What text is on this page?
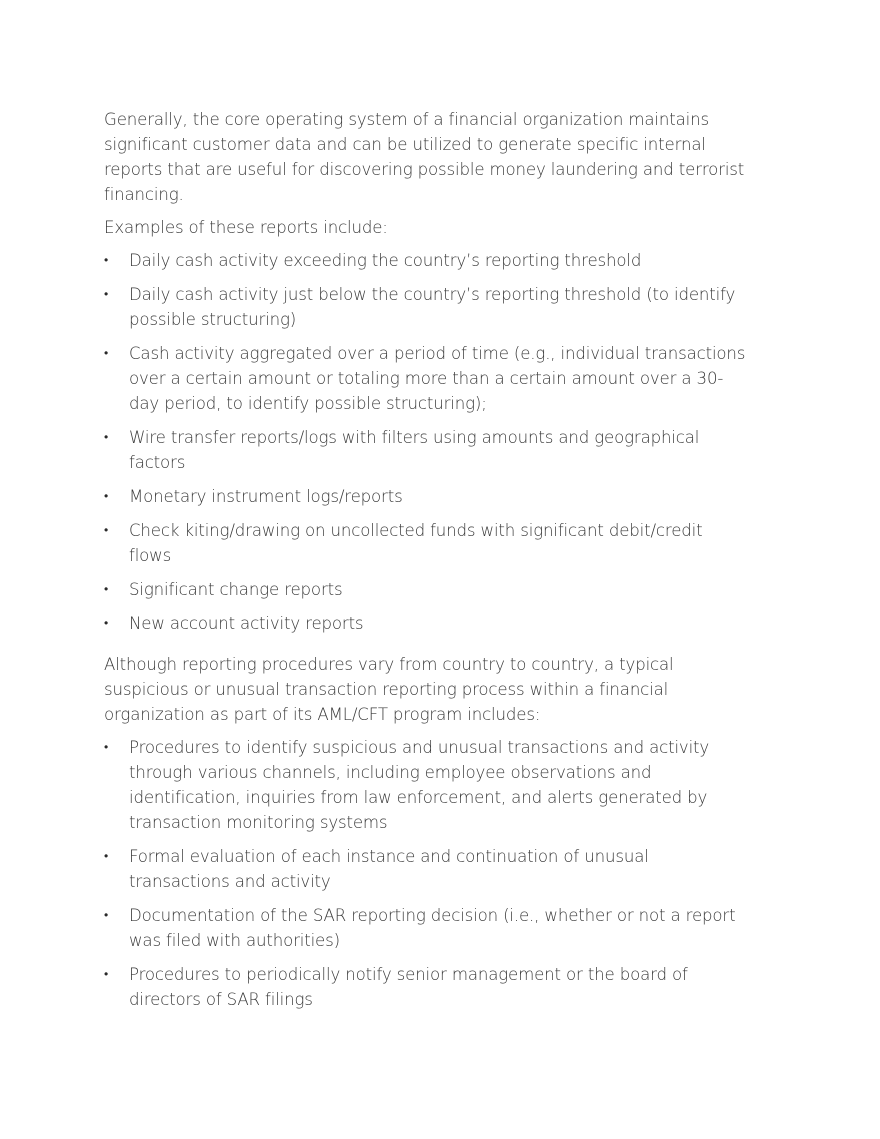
Generally, the core operating system of a financial organization maintains significant customer data and can be utilized to generate specific internal reports that are useful for discovering possible money laundering and terrorist financing.

Examples of these reports include:

•	Daily cash activity exceeding the country’s reporting threshold
•	Daily cash activity just below the country’s reporting threshold (to identify possible structuring)
•	Cash activity aggregated over a period of time (e.g., individual transactions over a certain amount or totaling more than a certain amount over a 30-day period, to identify possible structuring);
•	Wire transfer reports/logs with filters using amounts and geographical factors
•	Monetary instrument logs/reports
•	Check kiting/drawing on uncollected funds with significant debit/credit flows
•	Significant change reports
•	New account activity reports

Although reporting procedures vary from country to country, a typical suspicious or unusual transaction reporting process within a financial organization as part of its AML/CFT program includes:

•	Procedures to identify suspicious and unusual transactions and activity through various channels, including employee observations and identification, inquiries from law enforcement, and alerts generated by transaction monitoring systems
•	Formal evaluation of each instance and continuation of unusual transactions and activity
•	Documentation of the SAR reporting decision (i.e., whether or not a report was filed with authorities)
•	Procedures to periodically notify senior management or the board of directors of SAR filings
